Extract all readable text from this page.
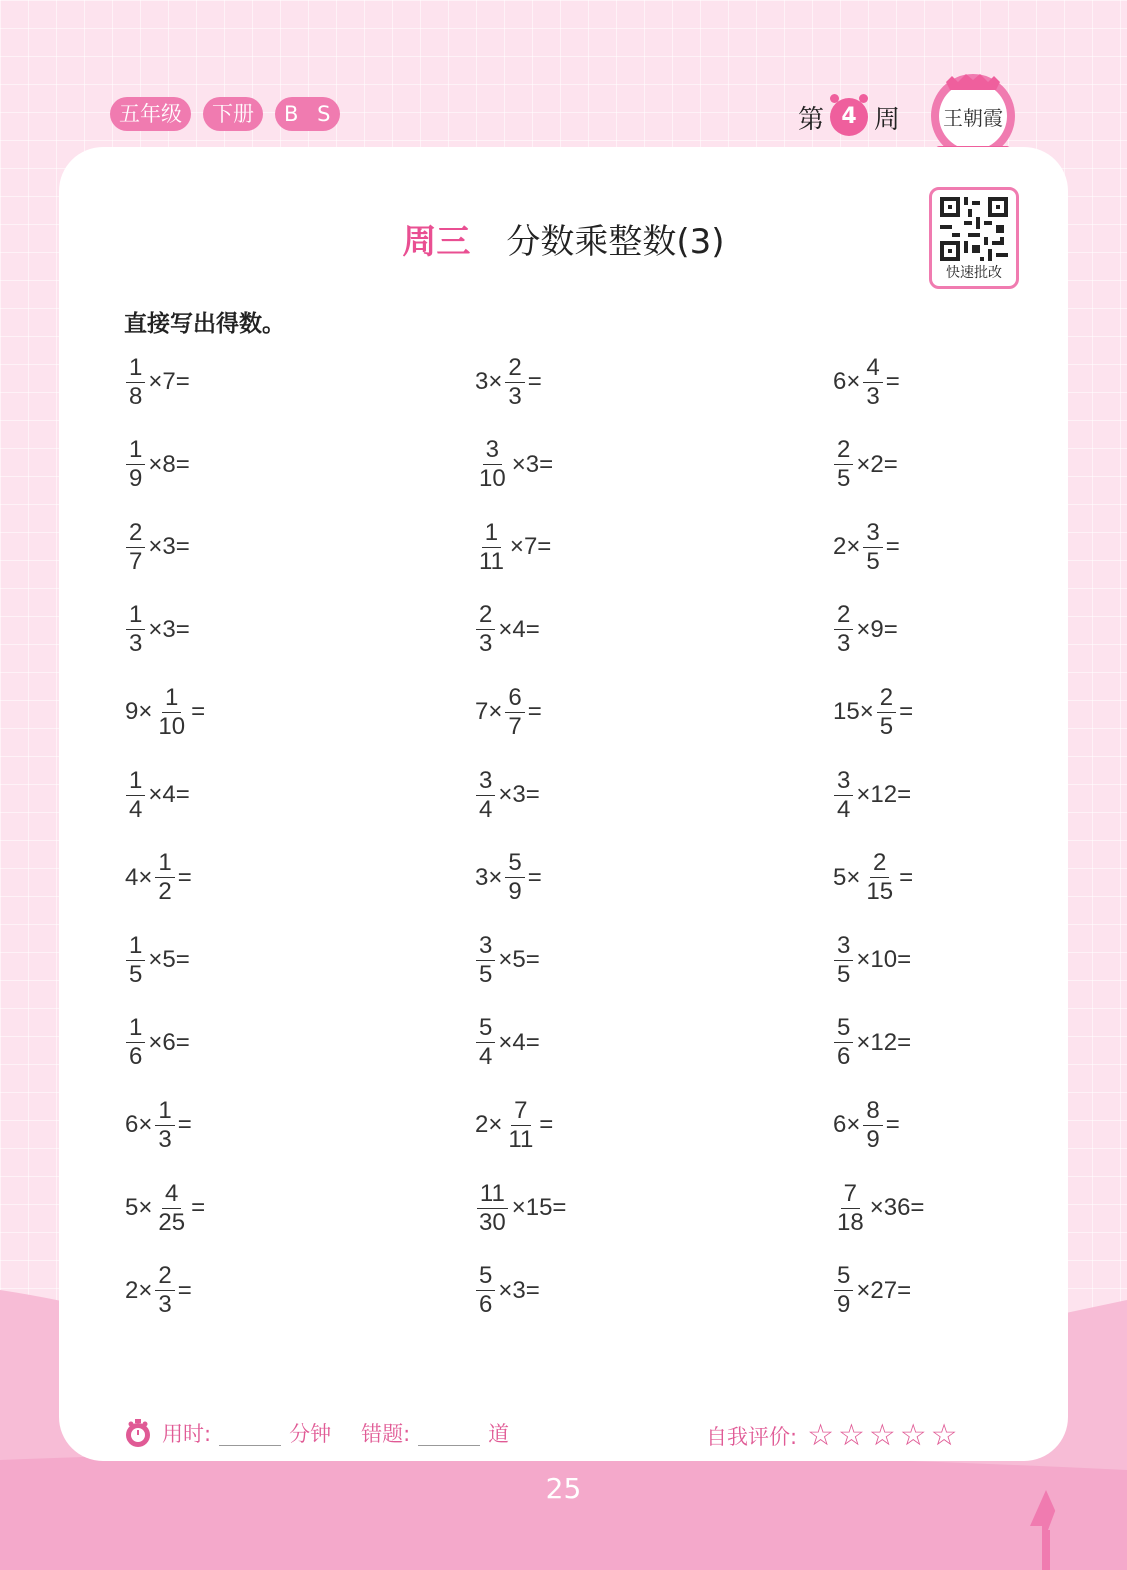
五年级	下册	B S	第 4 周 王朝霞
周三 分数乘整数(3)
快速批改
直接写出得数。
$\frac{1}{8} \times 7=$
$\frac{1}{9} \times 8=$
$\frac{2}{7} \times 3=$
$\frac{1}{3} \times 3=$
$9\times \frac{1}{10}$ =
$\frac{1}{4} \times 4=$
$4\times \frac{1}{2}$ =
$\frac{1}{5} \times 5=$
$\frac{1}{6} \times 6=$
$6\times \frac{1}{3}$ =
$5\times \frac{4}{25}$ =
$2\times \frac{2}{3}$ =
$3\times \frac{2}{3}$ =
$\frac{3}{10} \times 3=$
$\frac{1}{11} \times 7=$
$\frac{2}{3} \times 4=$
$7\times \frac{6}{7}$ =
$\frac{3}{4} \times 3=$
$3\times \frac{5}{9}$ =
$\frac{3}{5} \times 5=$
$\frac{5}{4} \times 4=$
$2\times \frac{7}{11}$ =
$\frac{11}{30} \times 15=$
$\frac{5}{6} \times 3=$
$6\times \frac{4}{3}$ =
$\frac{2}{5} \times 2=$
$2\times \frac{3}{5}$ =
$\frac{2}{3} \times 9=$
$15\times \frac{2}{5}$ =
$\frac{3}{4} \times 12=$
$5\times \frac{2}{15}$ =
$\frac{3}{5} \times 10=$
$\frac{5}{6} \times 12=$
$6\times \frac{8}{9}$ =
$\frac{7}{18} \times 36=$
$\frac{5}{9} \times 27=$
用时:	分钟 错题:	道	自我评价: ☆☆☆☆☆
25
